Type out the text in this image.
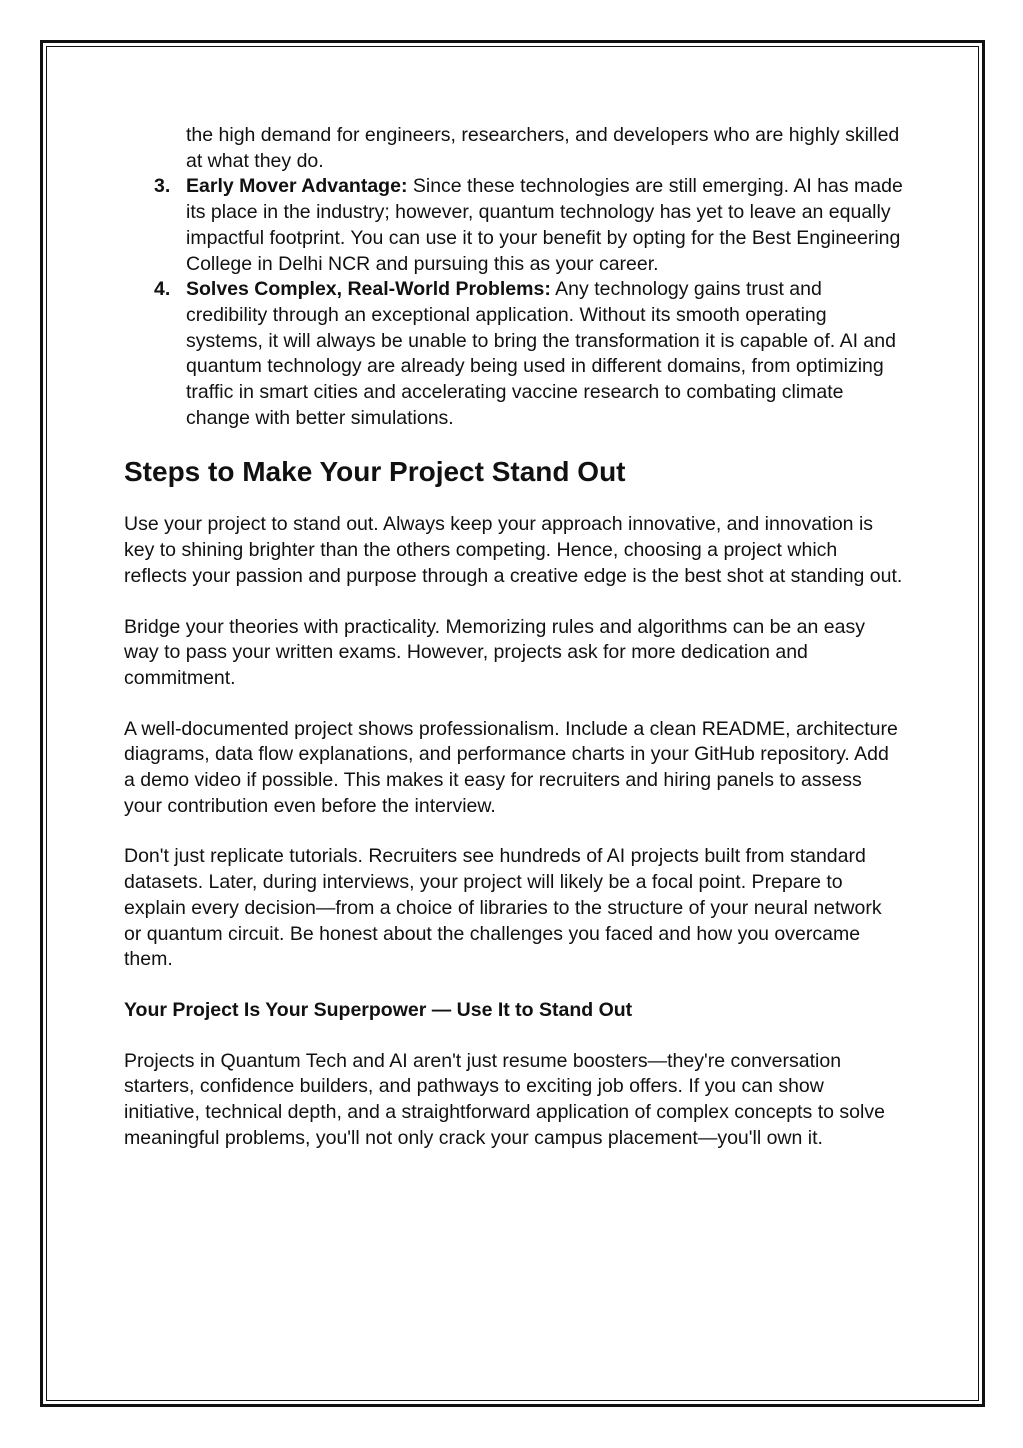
the high demand for engineers, researchers, and developers who are highly skilled at what they do.
3. Early Mover Advantage: Since these technologies are still emerging. AI has made its place in the industry; however, quantum technology has yet to leave an equally impactful footprint. You can use it to your benefit by opting for the Best Engineering College in Delhi NCR and pursuing this as your career.
4. Solves Complex, Real-World Problems: Any technology gains trust and credibility through an exceptional application. Without its smooth operating systems, it will always be unable to bring the transformation it is capable of. AI and quantum technology are already being used in different domains, from optimizing traffic in smart cities and accelerating vaccine research to combating climate change with better simulations.
Steps to Make Your Project Stand Out

Use your project to stand out. Always keep your approach innovative, and innovation is key to shining brighter than the others competing. Hence, choosing a project which reflects your passion and purpose through a creative edge is the best shot at standing out.

Bridge your theories with practicality. Memorizing rules and algorithms can be an easy way to pass your written exams. However, projects ask for more dedication and commitment.

A well-documented project shows professionalism. Include a clean README, architecture diagrams, data flow explanations, and performance charts in your GitHub repository. Add a demo video if possible. This makes it easy for recruiters and hiring panels to assess your contribution even before the interview.

Don't just replicate tutorials. Recruiters see hundreds of AI projects built from standard datasets. Later, during interviews, your project will likely be a focal point. Prepare to explain every decision—from a choice of libraries to the structure of your neural network or quantum circuit. Be honest about the challenges you faced and how you overcame them.

Your Project Is Your Superpower — Use It to Stand Out

Projects in Quantum Tech and AI aren't just resume boosters—they're conversation starters, confidence builders, and pathways to exciting job offers. If you can show initiative, technical depth, and a straightforward application of complex concepts to solve meaningful problems, you'll not only crack your campus placement—you'll own it.
